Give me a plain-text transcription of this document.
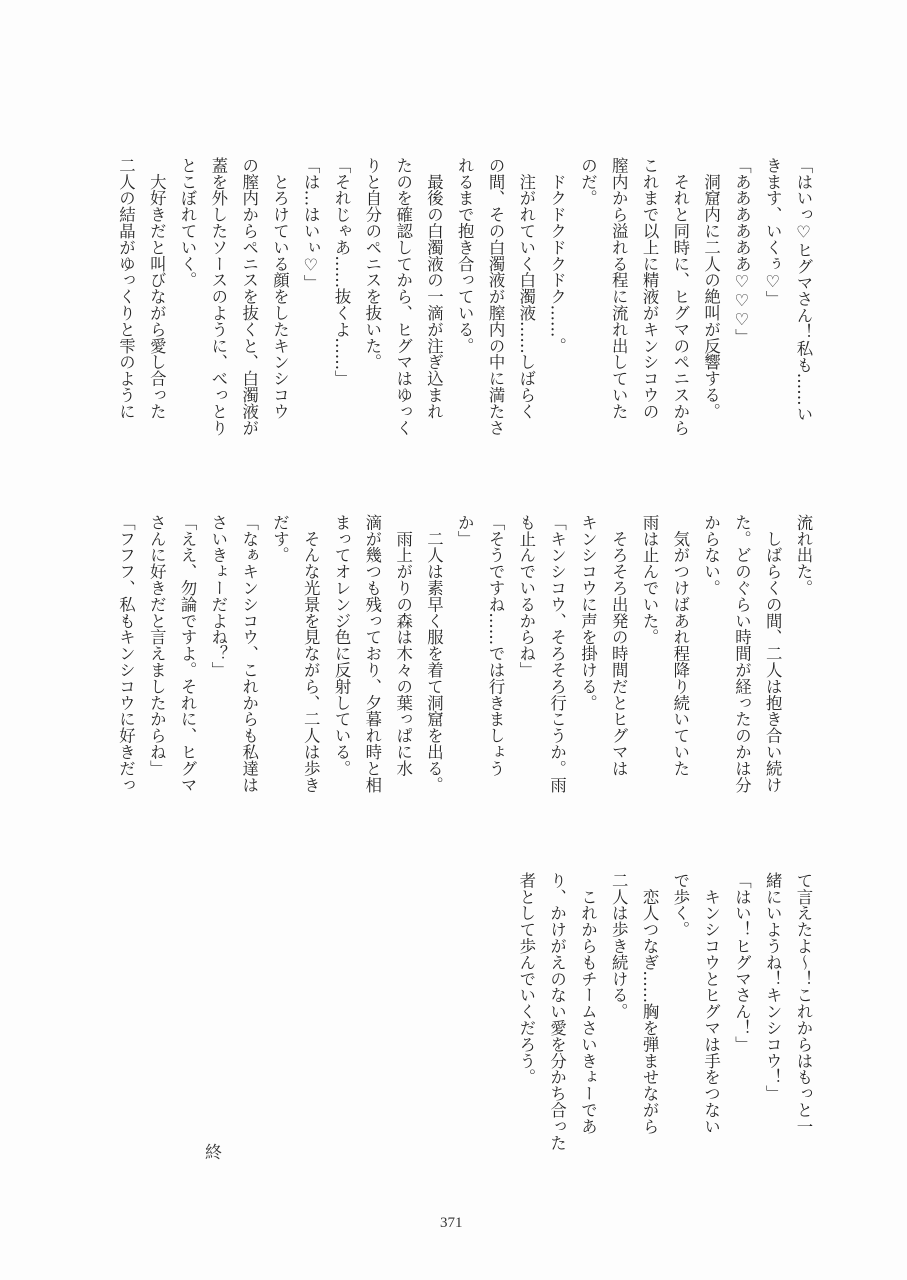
「はいっ♡ヒグマさん！私も……い

きます、いくぅ♡」

「ああああああ♡♡♡」

　洞窟内に二人の絶叫が反響する。

　それと同時に、ヒグマのペニスから

これまで以上に精液がキンシコウの

膣内から溢れる程に流れ出していた

のだ。

　ドクドクドクドク……。

　注がれていく白濁液……しばらく

の間、その白濁液が膣内の中に満たさ

れるまで抱き合っている。

　最後の白濁液の一滴が注ぎ込まれ

たのを確認してから、ヒグマはゆっく

りと自分のペニスを抜いた。

「それじゃあ……抜くよ……」

「は…はいぃ♡」

　とろけている顔をしたキンシコウ

の膣内からペニスを抜くと、白濁液が

蓋を外したソースのように、べっとり

とこぼれていく。

　大好きだと叫びながら愛し合った

二人の結晶がゆっくりと雫のように

流れ出た。

　しばらくの間、二人は抱き合い続け

た。どのぐらい時間が経ったのかは分

からない。

　気がつけばあれ程降り続いていた

雨は止んでいた。

　そろそろ出発の時間だとヒグマは

キンシコウに声を掛ける。

「キンシコウ、そろそろ行こうか。雨

も止んでいるからね」

「そうですね……では行きましょう

か」

　二人は素早く服を着て洞窟を出る。

　雨上がりの森は木々の葉っぱに水

滴が幾つも残っており、夕暮れ時と相

まってオレンジ色に反射している。

　そんな光景を見ながら、二人は歩き

だす。

「なぁキンシコウ、これからも私達は

さいきょーだよね？」

「ええ、勿論ですよ。それに、ヒグマ

さんに好きだと言えましたからね」

「フフフ、私もキンシコウに好きだっ

て言えたよ〜！これからはもっと一

緒にいようね！キンシコウ！」

「はい！ヒグマさん！」

　キンシコウとヒグマは手をつない

で歩く。

　恋人つなぎ……胸を弾ませながら

二人は歩き続ける。

　これからもチームさいきょーであ

り、かけがえのない愛を分かち合った

者として歩んでいくだろう。

終
371
